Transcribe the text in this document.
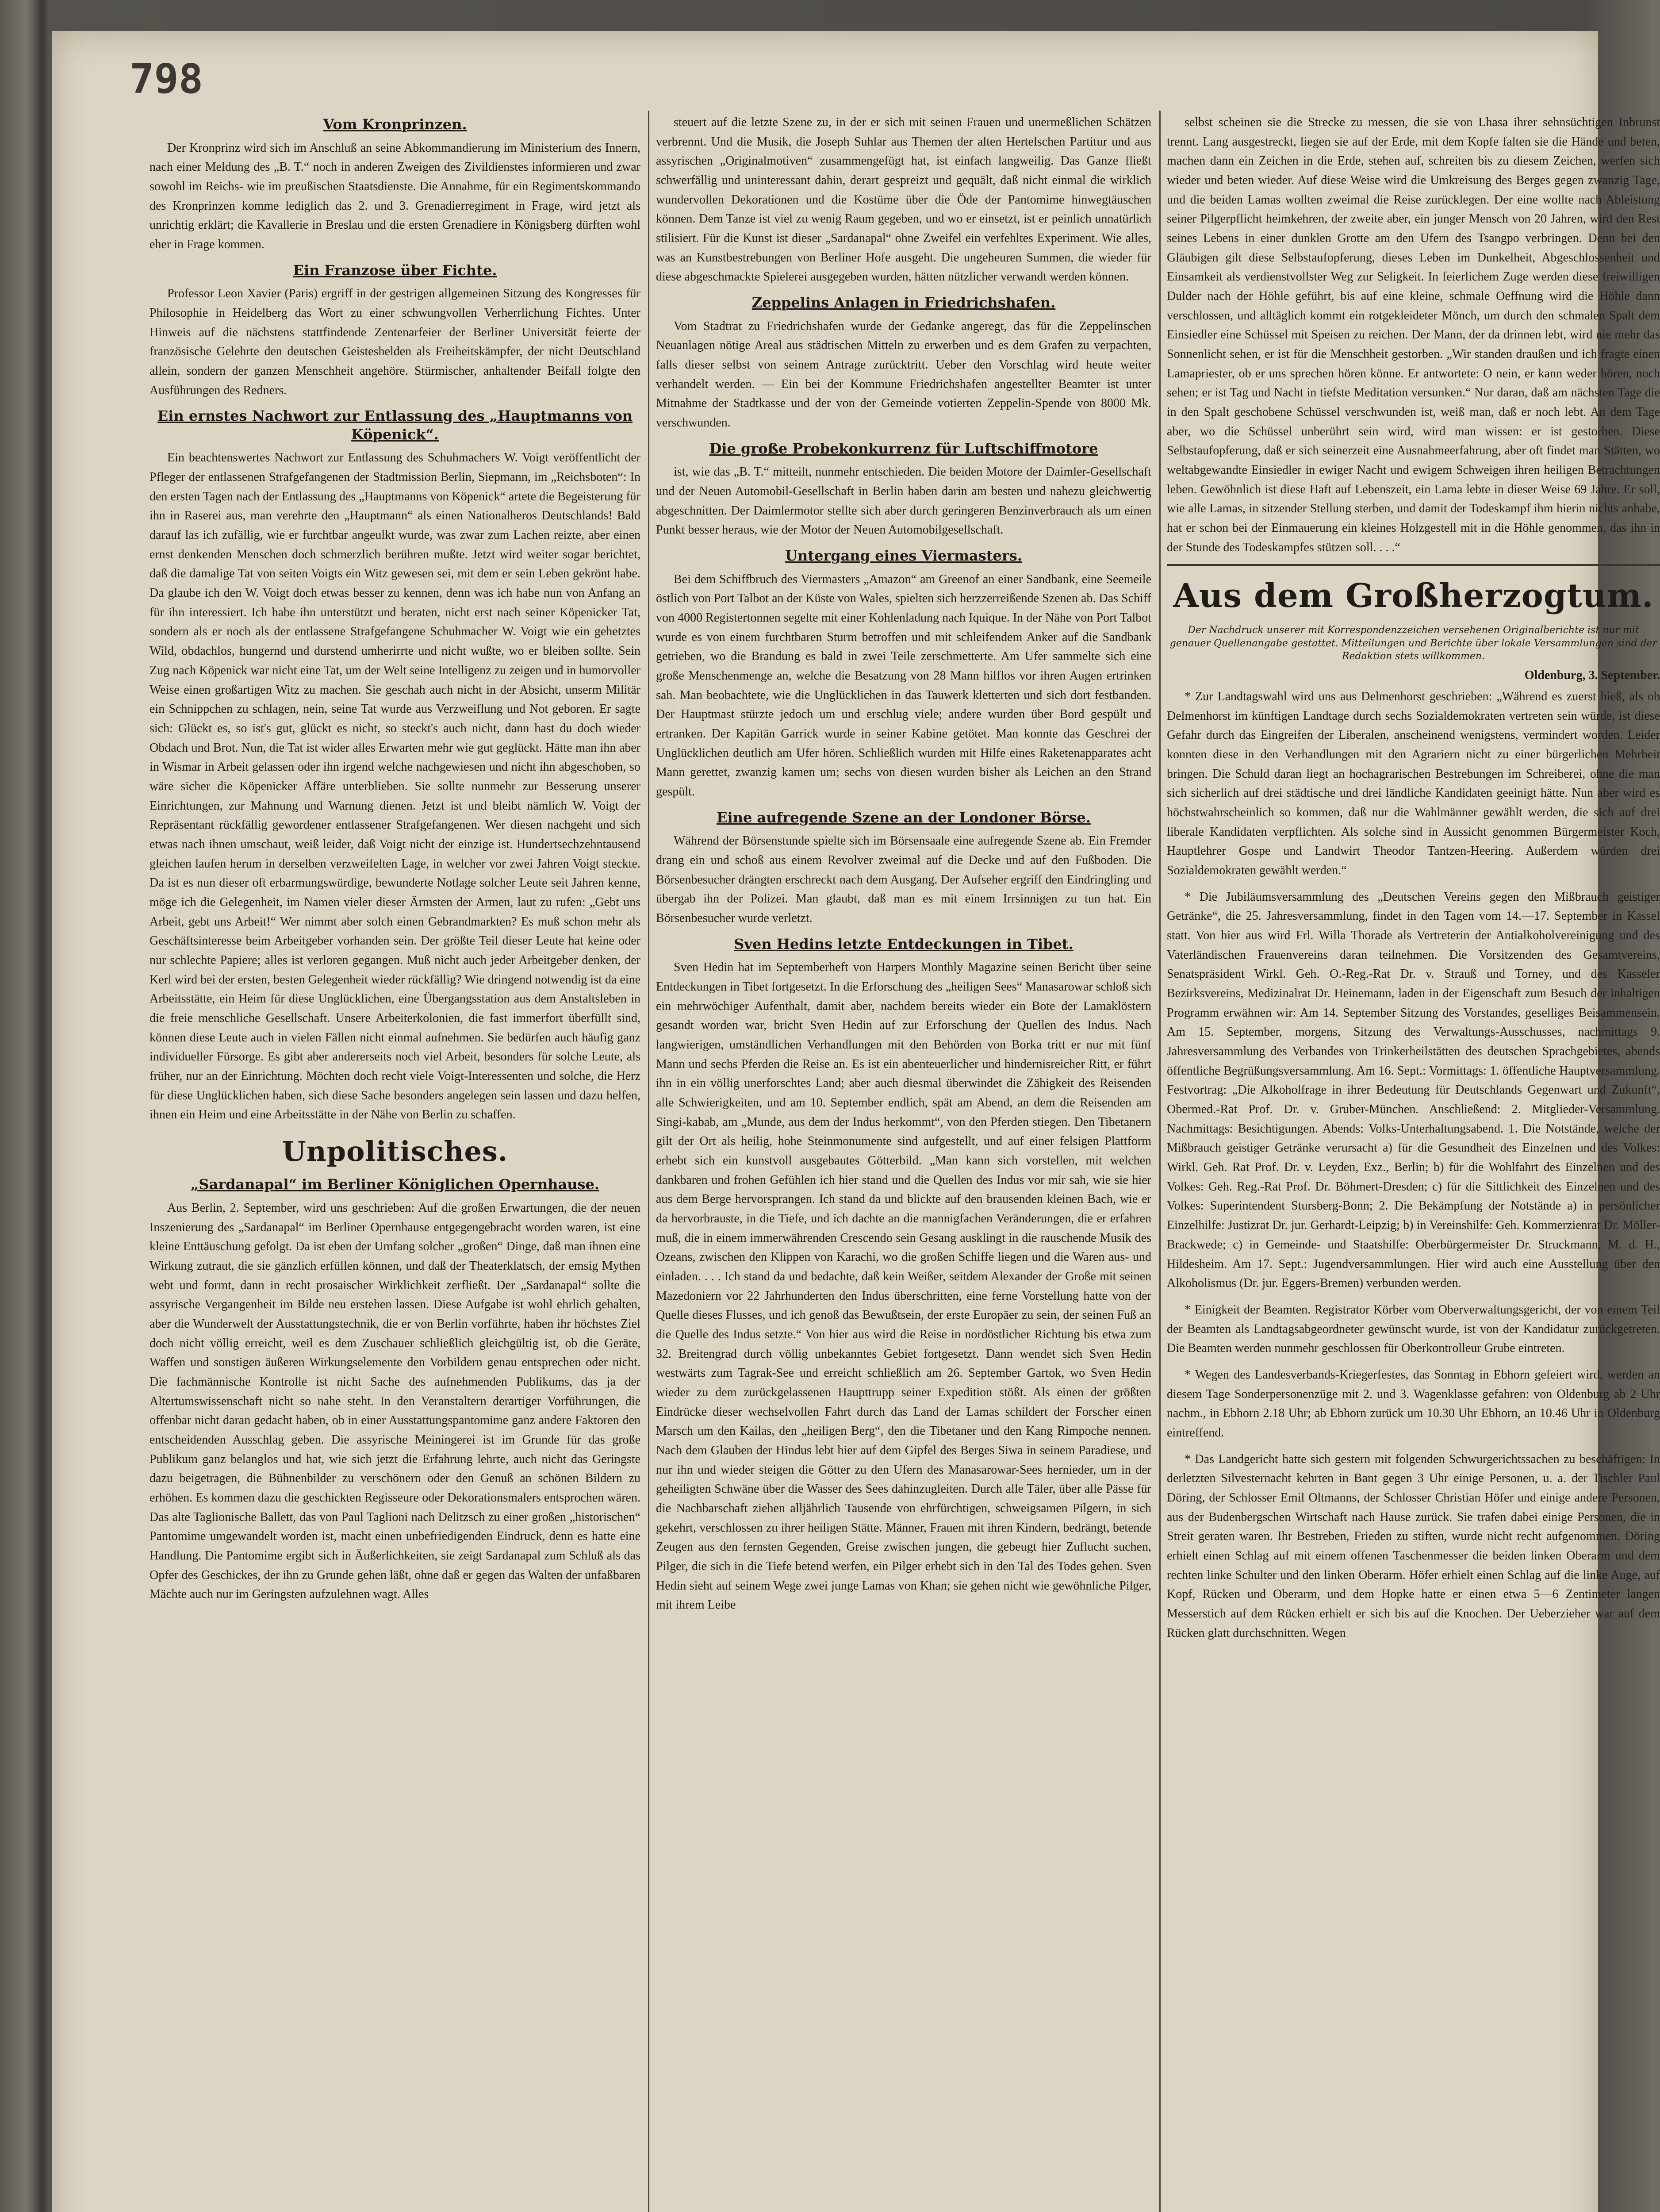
798
Vom Kronprinzen.

Der Kronprinz wird sich im Anschluß an seine Abkommandierung im Ministerium des Innern, nach einer Meldung des „B. T.“ noch in anderen Zweigen des Zivildienstes informieren und zwar sowohl im Reichs- wie im preußischen Staatsdienste. Die Annahme, für ein Regimentskommando des Kronprinzen komme lediglich das 2. und 3. Grenadierregiment in Frage, wird jetzt als unrichtig erklärt; die Kavallerie in Breslau und die ersten Grenadiere in Königsberg dürften wohl eher in Frage kommen.

Ein Franzose über Fichte.

Professor Leon Xavier (Paris) ergriff in der gestrigen allgemeinen Sitzung des Kongresses für Philosophie in Heidelberg das Wort zu einer schwungvollen Verherrlichung Fichtes. Unter Hinweis auf die nächstens stattfindende Zentenarfeier der Berliner Universität feierte der französische Gelehrte den deutschen Geisteshelden als Freiheitskämpfer, der nicht Deutschland allein, sondern der ganzen Menschheit angehöre. Stürmischer, anhaltender Beifall folgte den Ausführungen des Redners.

Ein ernstes Nachwort zur Entlassung des „Hauptmanns von Köpenick“.

Ein beachtenswertes Nachwort zur Entlassung des Schuhmachers W. Voigt veröffentlicht der Pfleger der entlassenen Strafgefangenen der Stadtmission Berlin, Siepmann, im „Reichsboten“: In den ersten Tagen nach der Entlassung des „Hauptmanns von Köpenick“ artete die Begeisterung für ihn in Raserei aus, man verehrte den „Hauptmann“ als einen Nationalheros Deutschlands! Bald darauf las ich zufällig, wie er furchtbar angeulkt wurde, was zwar zum Lachen reizte, aber einen ernst denkenden Menschen doch schmerzlich berühren mußte. Jetzt wird weiter sogar berichtet, daß die damalige Tat von seiten Voigts ein Witz gewesen sei, mit dem er sein Leben gekrönt habe. Da glaube ich den W. Voigt doch etwas besser zu kennen, denn was ich habe nun von Anfang an für ihn interessiert. Ich habe ihn unterstützt und beraten, nicht erst nach seiner Köpenicker Tat, sondern als er noch als der entlassene Strafgefangene Schuhmacher W. Voigt wie ein gehetztes Wild, obdachlos, hungernd und durstend umherirrte und nicht wußte, wo er bleiben sollte. Sein Zug nach Köpenick war nicht eine Tat, um der Welt seine Intelligenz zu zeigen und in humorvoller Weise einen großartigen Witz zu machen. Sie geschah auch nicht in der Absicht, unserm Militär ein Schnippchen zu schlagen, nein, seine Tat wurde aus Verzweiflung und Not geboren. Er sagte sich: Glückt es, so ist's gut, glückt es nicht, so steckt's auch nicht, dann hast du doch wieder Obdach und Brot. Nun, die Tat ist wider alles Erwarten mehr wie gut geglückt. Hätte man ihn aber in Wismar in Arbeit gelassen oder ihn irgend welche nachgewiesen und nicht ihn abgeschoben, so wäre sicher die Köpenicker Affäre unterblieben. Sie sollte nunmehr zur Besserung unserer Einrichtungen, zur Mahnung und Warnung dienen. Jetzt ist und bleibt nämlich W. Voigt der Repräsentant rückfällig gewordener entlassener Strafgefangenen. Wer diesen nachgeht und sich etwas nach ihnen umschaut, weiß leider, daß Voigt nicht der einzige ist. Hundertsechzehntausend gleichen laufen herum in derselben verzweifelten Lage, in welcher vor zwei Jahren Voigt steckte. Da ist es nun dieser oft erbarmungswürdige, bewunderte Notlage solcher Leute seit Jahren kenne, möge ich die Gelegenheit, im Namen vieler dieser Ärmsten der Armen, laut zu rufen: „Gebt uns Arbeit, gebt uns Arbeit!“ Wer nimmt aber solch einen Gebrandmarkten? Es muß schon mehr als Geschäftsinteresse beim Arbeitgeber vorhanden sein. Der größte Teil dieser Leute hat keine oder nur schlechte Papiere; alles ist verloren gegangen. Muß nicht auch jeder Arbeitgeber denken, der Kerl wird bei der ersten, besten Gelegenheit wieder rückfällig? Wie dringend notwendig ist da eine Arbeitsstätte, ein Heim für diese Unglücklichen, eine Übergangsstation aus dem Anstaltsleben in die freie menschliche Gesellschaft. Unsere Arbeiterkolonien, die fast immerfort überfüllt sind, können diese Leute auch in vielen Fällen nicht einmal aufnehmen. Sie bedürfen auch häufig ganz individueller Fürsorge. Es gibt aber andererseits noch viel Arbeit, besonders für solche Leute, als früher, nur an der Einrichtung. Möchten doch recht viele Voigt-Interessenten und solche, die Herz für diese Unglücklichen haben, sich diese Sache besonders angelegen sein lassen und dazu helfen, ihnen ein Heim und eine Arbeitsstätte in der Nähe von Berlin zu schaffen.

Unpolitisches.
„Sardanapal“ im Berliner Königlichen Opernhause.

Aus Berlin, 2. September, wird uns geschrieben: Auf die großen Erwartungen, die der neuen Inszenierung des „Sardanapal“ im Berliner Opernhause entgegengebracht worden waren, ist eine kleine Enttäuschung gefolgt. Da ist eben der Umfang solcher „großen“ Dinge, daß man ihnen eine Wirkung zutraut, die sie gänzlich erfüllen können, und daß der Theaterklatsch, der emsig Mythen webt und formt, dann in recht prosaischer Wirklichkeit zerfließt. Der „Sardanapal“ sollte die assyrische Vergangenheit im Bilde neu erstehen lassen. Diese Aufgabe ist wohl ehrlich gehalten, aber die Wunderwelt der Ausstattungstechnik, die er von Berlin vorführte, haben ihr höchstes Ziel doch nicht völlig erreicht, weil es dem Zuschauer schließlich gleichgültig ist, ob die Geräte, Waffen und sonstigen äußeren Wirkungselemente den Vorbildern genau entsprechen oder nicht. Die fachmännische Kontrolle ist nicht Sache des aufnehmenden Publikums, das ja der Altertumswissenschaft nicht so nahe steht. In den Veranstaltern derartiger Vorführungen, die offenbar nicht daran gedacht haben, ob in einer Ausstattungspantomime ganz andere Faktoren den entscheidenden Ausschlag geben. Die assyrische Meiningerei ist im Grunde für das große Publikum ganz belanglos und hat, wie sich jetzt die Erfahrung lehrte, auch nicht das Geringste dazu beigetragen, die Bühnenbilder zu verschönern oder den Genuß an schönen Bildern zu erhöhen. Es kommen dazu die geschickten Regisseure oder Dekorationsmalers entsprochen wären. Das alte Taglionische Ballett, das von Paul Taglioni nach Delitzsch zu einer großen „historischen“ Pantomime umgewandelt worden ist, macht einen unbefriedigenden Eindruck, denn es hatte eine Handlung. Die Pantomime ergibt sich in Äußerlichkeiten, sie zeigt Sardanapal zum Schluß als das Opfer des Geschickes, der ihn zu Grunde gehen läßt, ohne daß er gegen das Walten der unfaßbaren Mächte auch nur im Geringsten aufzulehnen wagt. Alles

steuert auf die letzte Szene zu, in der er sich mit seinen Frauen und unermeßlichen Schätzen verbrennt. Und die Musik, die Joseph Suhlar aus Themen der alten Hertelschen Partitur und aus assyrischen „Originalmotiven“ zusammengefügt hat, ist einfach langweilig. Das Ganze fließt schwerfällig und uninteressant dahin, derart gespreizt und gequält, daß nicht einmal die wirklich wundervollen Dekorationen und die Kostüme über die Öde der Pantomime hinwegtäuschen können. Dem Tanze ist viel zu wenig Raum gegeben, und wo er einsetzt, ist er peinlich unnatürlich stilisiert. Für die Kunst ist dieser „Sardanapal“ ohne Zweifel ein verfehltes Experiment. Wie alles, was an Kunstbestrebungen von Berliner Hofe ausgeht. Die ungeheuren Summen, die wieder für diese abgeschmackte Spielerei ausgegeben wurden, hätten nützlicher verwandt werden können.

Zeppelins Anlagen in Friedrichshafen.

Vom Stadtrat zu Friedrichshafen wurde der Gedanke angeregt, das für die Zeppelinschen Neuanlagen nötige Areal aus städtischen Mitteln zu erwerben und es dem Grafen zu verpachten, falls dieser selbst von seinem Antrage zurücktritt. Ueber den Vorschlag wird heute weiter verhandelt werden. — Ein bei der Kommune Friedrichshafen angestellter Beamter ist unter Mitnahme der Stadtkasse und der von der Gemeinde votierten Zeppelin-Spende von 8000 Mk. verschwunden.

Die große Probekonkurrenz für Luftschiffmotore

ist, wie das „B. T.“ mitteilt, nunmehr entschieden. Die beiden Motore der Daimler-Gesellschaft und der Neuen Automobil-Gesellschaft in Berlin haben darin am besten und nahezu gleichwertig abgeschnitten. Der Daimlermotor stellte sich aber durch geringeren Benzinverbrauch als um einen Punkt besser heraus, wie der Motor der Neuen Automobilgesellschaft.

Untergang eines Viermasters.

Bei dem Schiffbruch des Viermasters „Amazon“ am Greenof an einer Sandbank, eine Seemeile östlich von Port Talbot an der Küste von Wales, spielten sich herzzerreißende Szenen ab. Das Schiff von 4000 Registertonnen segelte mit einer Kohlenladung nach Iquique. In der Nähe von Port Talbot wurde es von einem furchtbaren Sturm betroffen und mit schleifendem Anker auf die Sandbank getrieben, wo die Brandung es bald in zwei Teile zerschmetterte. Am Ufer sammelte sich eine große Menschenmenge an, welche die Besatzung von 28 Mann hilflos vor ihren Augen ertrinken sah. Man beobachtete, wie die Unglücklichen in das Tauwerk kletterten und sich dort festbanden. Der Hauptmast stürzte jedoch um und erschlug viele; andere wurden über Bord gespült und ertranken. Der Kapitän Garrick wurde in seiner Kabine getötet. Man konnte das Geschrei der Unglücklichen deutlich am Ufer hören. Schließlich wurden mit Hilfe eines Raketenapparates acht Mann gerettet, zwanzig kamen um; sechs von diesen wurden bisher als Leichen an den Strand gespült.

Eine aufregende Szene an der Londoner Börse.

Während der Börsenstunde spielte sich im Börsensaale eine aufregende Szene ab. Ein Fremder drang ein und schoß aus einem Revolver zweimal auf die Decke und auf den Fußboden. Die Börsenbesucher drängten erschreckt nach dem Ausgang. Der Aufseher ergriff den Eindringling und übergab ihn der Polizei. Man glaubt, daß man es mit einem Irrsinnigen zu tun hat. Ein Börsenbesucher wurde verletzt.

Sven Hedins letzte Entdeckungen in Tibet.

Sven Hedin hat im Septemberheft von Harpers Monthly Magazine seinen Bericht über seine Entdeckungen in Tibet fortgesetzt. In die Erforschung des „heiligen Sees“ Manasarowar schloß sich ein mehrwöchiger Aufenthalt, damit aber, nachdem bereits wieder ein Bote der Lamaklöstern gesandt worden war, bricht Sven Hedin auf zur Erforschung der Quellen des Indus. Nach langwierigen, umständlichen Verhandlungen mit den Behörden von Borka tritt er nur mit fünf Mann und sechs Pferden die Reise an. Es ist ein abenteuerlicher und hindernisreicher Ritt, er führt ihn in ein völlig unerforschtes Land; aber auch diesmal überwindet die Zähigkeit des Reisenden alle Schwierigkeiten, und am 10. September endlich, spät am Abend, an dem die Reisenden am Singi-kabab, am „Munde, aus dem der Indus herkommt“, von den Pferden stiegen. Den Tibetanern gilt der Ort als heilig, hohe Steinmonumente sind aufgestellt, und auf einer felsigen Plattform erhebt sich ein kunstvoll ausgebautes Götterbild. „Man kann sich vorstellen, mit welchen dankbaren und frohen Gefühlen ich hier stand und die Quellen des Indus vor mir sah, wie sie hier aus dem Berge hervorsprangen. Ich stand da und blickte auf den brausenden kleinen Bach, wie er da hervorbrauste, in die Tiefe, und ich dachte an die mannigfachen Veränderungen, die er erfahren muß, die in einem immerwährenden Crescendo sein Gesang ausklingt in die rauschende Musik des Ozeans, zwischen den Klippen von Karachi, wo die großen Schiffe liegen und die Waren aus- und einladen. . . . Ich stand da und bedachte, daß kein Weißer, seitdem Alexander der Große mit seinen Mazedoniern vor 22 Jahrhunderten den Indus überschritten, eine ferne Vorstellung hatte von der Quelle dieses Flusses, und ich genoß das Bewußtsein, der erste Europäer zu sein, der seinen Fuß an die Quelle des Indus setzte.“ Von hier aus wird die Reise in nordöstlicher Richtung bis etwa zum 32. Breitengrad durch völlig unbekanntes Gebiet fortgesetzt. Dann wendet sich Sven Hedin westwärts zum Tagrak-See und erreicht schließlich am 26. September Gartok, wo Sven Hedin wieder zu dem zurückgelassenen Haupttrupp seiner Expedition stößt. Als einen der größten Eindrücke dieser wechselvollen Fahrt durch das Land der Lamas schildert der Forscher einen Marsch um den Kailas, den „heiligen Berg“, den die Tibetaner und den Kang Rimpoche nennen. Nach dem Glauben der Hindus lebt hier auf dem Gipfel des Berges Siwa in seinem Paradiese, und nur ihn und wieder steigen die Götter zu den Ufern des Manasarowar-Sees hernieder, um in der geheiligten Schwäne über die Wasser des Sees dahinzugleiten. Durch alle Täler, über alle Pässe für die Nachbarschaft ziehen alljährlich Tausende von ehrfürchtigen, schweigsamen Pilgern, in sich gekehrt, verschlossen zu ihrer heiligen Stätte. Männer, Frauen mit ihren Kindern, bedrängt, betende Zeugen aus den fernsten Gegenden, Greise zwischen jungen, die gebeugt hier Zuflucht suchen, Pilger, die sich in die Tiefe betend werfen, ein Pilger erhebt sich in den Tal des Todes gehen. Sven Hedin sieht auf seinem Wege zwei junge Lamas von Khan; sie gehen nicht wie gewöhnliche Pilger, mit ihrem Leibe

selbst scheinen sie die Strecke zu messen, die sie von Lhasa ihrer sehnsüchtigen Inbrunst trennt. Lang ausgestreckt, liegen sie auf der Erde, mit dem Kopfe falten sie die Hände und beten, machen dann ein Zeichen in die Erde, stehen auf, schreiten bis zu diesem Zeichen, werfen sich wieder und beten wieder. Auf diese Weise wird die Umkreisung des Berges gegen zwanzig Tage, und die beiden Lamas wollten zweimal die Reise zurücklegen. Der eine wollte nach Ableistung seiner Pilgerpflicht heimkehren, der zweite aber, ein junger Mensch von 20 Jahren, wird den Rest seines Lebens in einer dunklen Grotte am den Ufern des Tsangpo verbringen. Denn bei den Gläubigen gilt diese Selbstaufopferung, dieses Leben im Dunkelheit, Abgeschlossenheit und Einsamkeit als verdienstvollster Weg zur Seligkeit. In feierlichem Zuge werden diese freiwilligen Dulder nach der Höhle geführt, bis auf eine kleine, schmale Oeffnung wird die Höhle dann verschlossen, und alltäglich kommt ein rotgekleideter Mönch, um durch den schmalen Spalt dem Einsiedler eine Schüssel mit Speisen zu reichen. Der Mann, der da drinnen lebt, wird nie mehr das Sonnenlicht sehen, er ist für die Menschheit gestorben. „Wir standen draußen und ich fragte einen Lamapriester, ob er uns sprechen hören könne. Er antwortete: O nein, er kann weder hören, noch sehen; er ist Tag und Nacht in tiefste Meditation versunken.“ Nur daran, daß am nächsten Tage die in den Spalt geschobene Schüssel verschwunden ist, weiß man, daß er noch lebt. An dem Tage aber, wo die Schüssel unberührt sein wird, wird man wissen: er ist gestorben. Diese Selbstaufopferung, daß er sich seinerzeit eine Ausnahmeerfahrung, aber oft findet man Stätten, wo weltabgewandte Einsiedler in ewiger Nacht und ewigem Schweigen ihren heiligen Betrachtungen leben. Gewöhnlich ist diese Haft auf Lebenszeit, ein Lama lebte in dieser Weise 69 Jahre. Er soll, wie alle Lamas, in sitzender Stellung sterben, und damit der Todeskampf ihm hierin nichts anhabe, hat er schon bei der Einmauerung ein kleines Holzgestell mit in die Höhle genommen, das ihn in der Stunde des Todeskampfes stützen soll. . . .“

Aus dem Großherzogtum.
Der Nachdruck unserer mit Korrespondenzzeichen versehenen Originalberichte ist nur mit genauer Quellenangabe gestattet. Mitteilungen und Berichte über lokale Versammlungen sind der Redaktion stets willkommen.
Oldenburg, 3. September.

* Zur Landtagswahl wird uns aus Delmenhorst geschrieben: „Während es zuerst hieß, als ob Delmenhorst im künftigen Landtage durch sechs Sozialdemokraten vertreten sein würde, ist diese Gefahr durch das Eingreifen der Liberalen, anscheinend wenigstens, vermindert worden. Leider konnten diese in den Verhandlungen mit den Agrariern nicht zu einer bürgerlichen Mehrheit bringen. Die Schuld daran liegt an hochagrarischen Bestrebungen im Schreiberei, ohne die man sich sicherlich auf drei städtische und drei ländliche Kandidaten geeinigt hätte. Nun aber wird es höchstwahrscheinlich so kommen, daß nur die Wahlmänner gewählt werden, die sich auf drei liberale Kandidaten verpflichten. Als solche sind in Aussicht genommen Bürgermeister Koch, Hauptlehrer Gospe und Landwirt Theodor Tantzen-Heering. Außerdem würden drei Sozialdemokraten gewählt werden.“

* Die Jubiläumsversammlung des „Deutschen Vereins gegen den Mißbrauch geistiger Getränke“, die 25. Jahresversammlung, findet in den Tagen vom 14.—17. September in Kassel statt. Von hier aus wird Frl. Willa Thorade als Vertreterin der Antialkoholvereinigung und des Vaterländischen Frauenvereins daran teilnehmen. Die Vorsitzenden des Gesamtvereins, Senatspräsident Wirkl. Geh. O.-Reg.-Rat Dr. v. Strauß und Torney, und des Kasseler Bezirksvereins, Medizinalrat Dr. Heinemann, laden in der Eigenschaft zum Besuch der inhaltigen Programm erwähnen wir: Am 14. September Sitzung des Vorstandes, geselliges Beisammensein. Am 15. September, morgens, Sitzung des Verwaltungs-Ausschusses, nachmittags 9. Jahresversammlung des Verbandes von Trinkerheilstätten des deutschen Sprachgebietes, abends öffentliche Begrüßungsversammlung. Am 16. Sept.: Vormittags: 1. öffentliche Hauptversammlung. Festvortrag: „Die Alkoholfrage in ihrer Bedeutung für Deutschlands Gegenwart und Zukunft“, Obermed.-Rat Prof. Dr. v. Gruber-München. Anschließend: 2. Mitglieder-Versammlung. Nachmittags: Besichtigungen. Abends: Volks-Unterhaltungsabend. 1. Die Notstände, welche der Mißbrauch geistiger Getränke verursacht a) für die Gesundheit des Einzelnen und des Volkes: Wirkl. Geh. Rat Prof. Dr. v. Leyden, Exz., Berlin; b) für die Wohlfahrt des Einzelnen und des Volkes: Geh. Reg.-Rat Prof. Dr. Böhmert-Dresden; c) für die Sittlichkeit des Einzelnen und des Volkes: Superintendent Stursberg-Bonn; 2. Die Bekämpfung der Notstände a) in persönlicher Einzelhilfe: Justizrat Dr. jur. Gerhardt-Leipzig; b) in Vereinshilfe: Geh. Kommerzienrat Dr. Möller-Brackwede; c) in Gemeinde- und Staatshilfe: Oberbürgermeister Dr. Struckmann, M. d. H., Hildesheim. Am 17. Sept.: Jugendversammlungen. Hier wird auch eine Ausstellung über den Alkoholismus (Dr. jur. Eggers-Bremen) verbunden werden.

* Einigkeit der Beamten. Registrator Körber vom Oberverwaltungsgericht, der von einem Teil der Beamten als Landtagsabgeordneter gewünscht wurde, ist von der Kandidatur zurückgetreten. Die Beamten werden nunmehr geschlossen für Oberkontrolleur Grube eintreten.

* Wegen des Landesverbands-Kriegerfestes, das Sonntag in Ebhorn gefeiert wird, werden an diesem Tage Sonderpersonenzüge mit 2. und 3. Wagenklasse gefahren: von Oldenburg ab 2 Uhr nachm., in Ebhorn 2.18 Uhr; ab Ebhorn zurück um 10.30 Uhr Ebhorn, an 10.46 Uhr in Oldenburg eintreffend.

* Das Landgericht hatte sich gestern mit folgenden Schwurgerichtssachen zu beschäftigen: In derletzten Silvesternacht kehrten in Bant gegen 3 Uhr einige Personen, u. a. der Tischler Paul Döring, der Schlosser Emil Oltmanns, der Schlosser Christian Höfer und einige andere Personen, aus der Budenbergschen Wirtschaft nach Hause zurück. Sie trafen dabei einige Personen, die in Streit geraten waren. Ihr Bestreben, Frieden zu stiften, wurde nicht recht aufgenommen. Döring erhielt einen Schlag auf mit einem offenen Taschenmesser die beiden linken Oberarm und dem rechten linke Schulter und den linken Oberarm. Höfer erhielt einen Schlag auf die linke Auge, auf Kopf, Rücken und Oberarm, und dem Hopke hatte er einen etwa 5—6 Zentimeter langen Messerstich auf dem Rücken erhielt er sich bis auf die Knochen. Der Ueberzieher war auf dem Rücken glatt durchschnitten. Wegen
